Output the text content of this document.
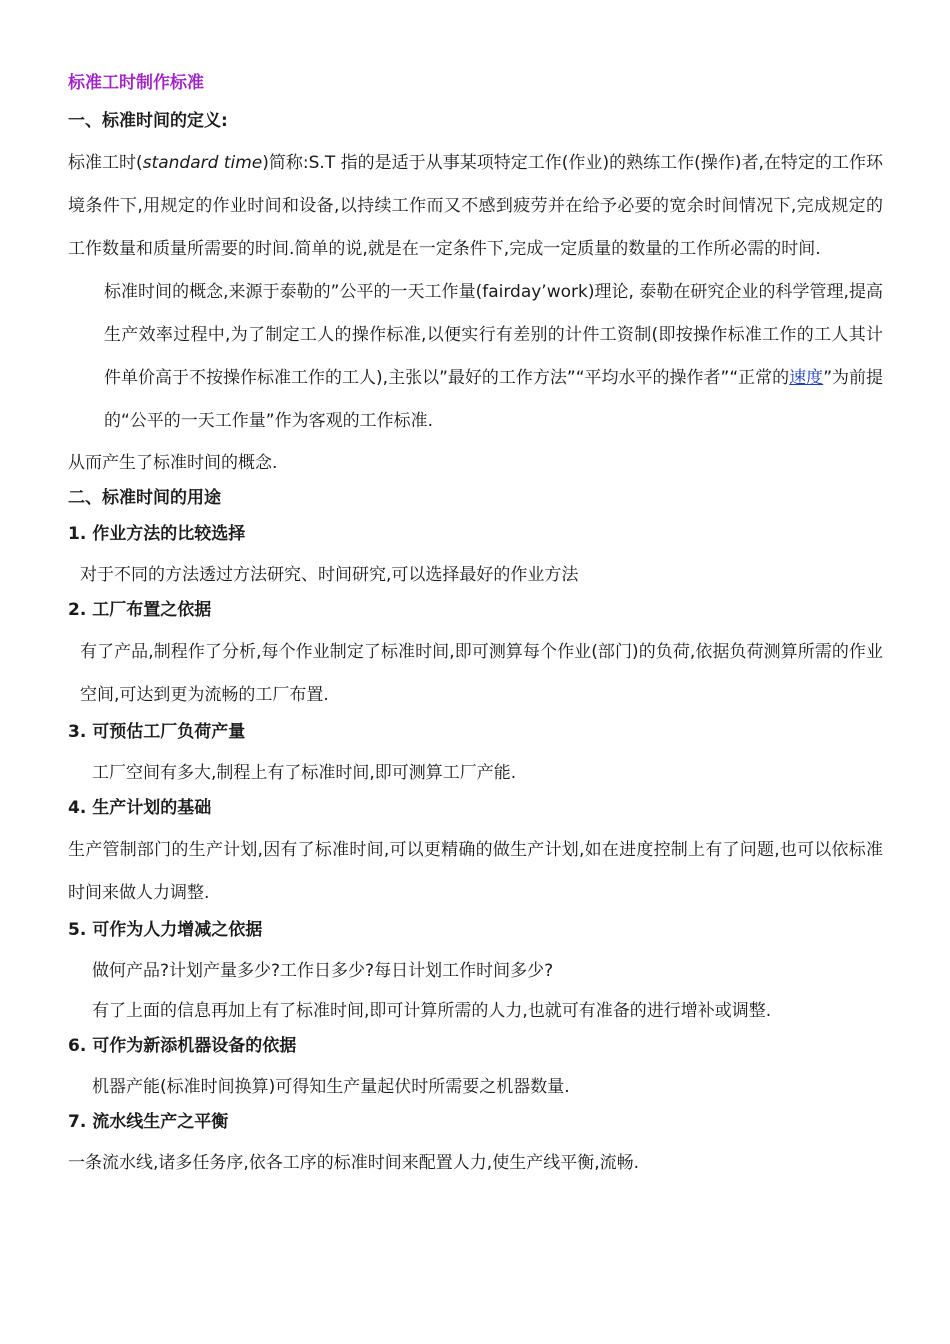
标准工时制作标准
一、标准时间的定义:

标准工时(standard time)简称:S.T 指的是适于从事某项特定工作(作业)的熟练工作(操作)者,在特定的工作环境条件下,用规定的作业时间和设备,以持续工作而又不感到疲劳并在给予必要的宽余时间情况下,完成规定的工作数量和质量所需要的时间.简单的说,就是在一定条件下,完成一定质量的数量的工作所必需的时间.

标准时间的概念,来源于泰勒的”公平的一天工作量(fairday’work)理论, 泰勒在研究企业的科学管理,提高生产效率过程中,为了制定工人的操作标准,以便实行有差别的计件工资制(即按操作标准工作的工人其计件单价高于不按操作标准工作的工人),主张以”最好的工作方法”“平均水平的操作者”“正常的速度”为前提的“公平的一天工作量”作为客观的工作标准.

从而产生了标准时间的概念.

二、标准时间的用途
1. 作业方法的比较选择

对于不同的方法透过方法研究、时间研究,可以选择最好的作业方法

2. 工厂布置之依据

有了产品,制程作了分析,每个作业制定了标准时间,即可测算每个作业(部门)的负荷,依据负荷测算所需的作业空间,可达到更为流畅的工厂布置.

3. 可预估工厂负荷产量

工厂空间有多大,制程上有了标准时间,即可测算工厂产能.

4. 生产计划的基础

生产管制部门的生产计划,因有了标准时间,可以更精确的做生产计划,如在进度控制上有了问题,也可以依标准时间来做人力调整.

5. 可作为人力增减之依据

做何产品?计划产量多少?工作日多少?每日计划工作时间多少?

有了上面的信息再加上有了标准时间,即可计算所需的人力,也就可有准备的进行增补或调整.

6. 可作为新添机器设备的依据

机器产能(标准时间换算)可得知生产量起伏时所需要之机器数量.

7. 流水线生产之平衡

一条流水线,诸多任务序,依各工序的标准时间来配置人力,使生产线平衡,流畅.
